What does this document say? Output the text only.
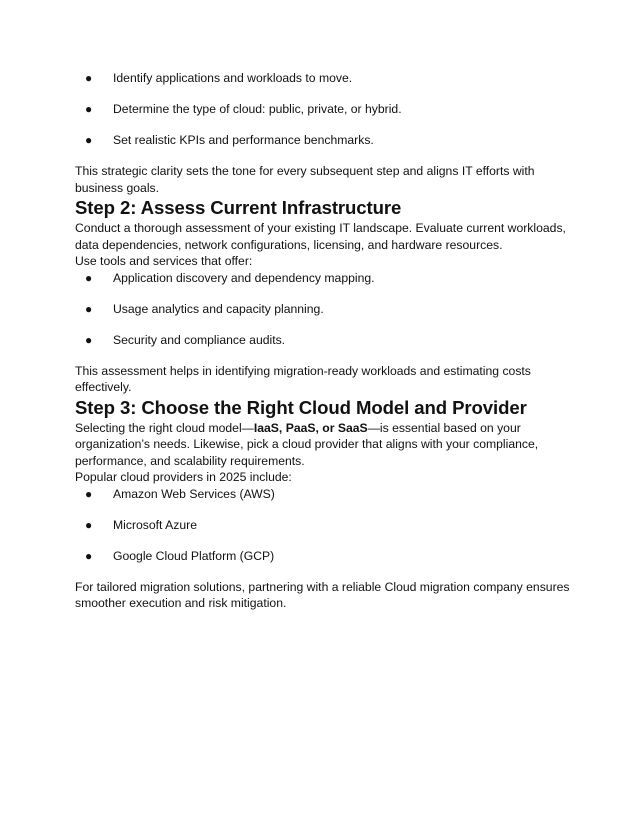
● Identify applications and workloads to move.
● Determine the type of cloud: public, private, or hybrid.
● Set realistic KPIs and performance benchmarks.

This strategic clarity sets the tone for every subsequent step and aligns IT efforts with business goals.

Step 2: Assess Current Infrastructure

Conduct a thorough assessment of your existing IT landscape. Evaluate current workloads, data dependencies, network configurations, licensing, and hardware resources.

Use tools and services that offer:

● Application discovery and dependency mapping.
● Usage analytics and capacity planning.
● Security and compliance audits.

This assessment helps in identifying migration-ready workloads and estimating costs effectively.

Step 3: Choose the Right Cloud Model and Provider

Selecting the right cloud model—IaaS, PaaS, or SaaS—is essential based on your organization’s needs. Likewise, pick a cloud provider that aligns with your compliance, performance, and scalability requirements.

Popular cloud providers in 2025 include:

● Amazon Web Services (AWS)
● Microsoft Azure
● Google Cloud Platform (GCP)

For tailored migration solutions, partnering with a reliable Cloud migration company ensures smoother execution and risk mitigation.
